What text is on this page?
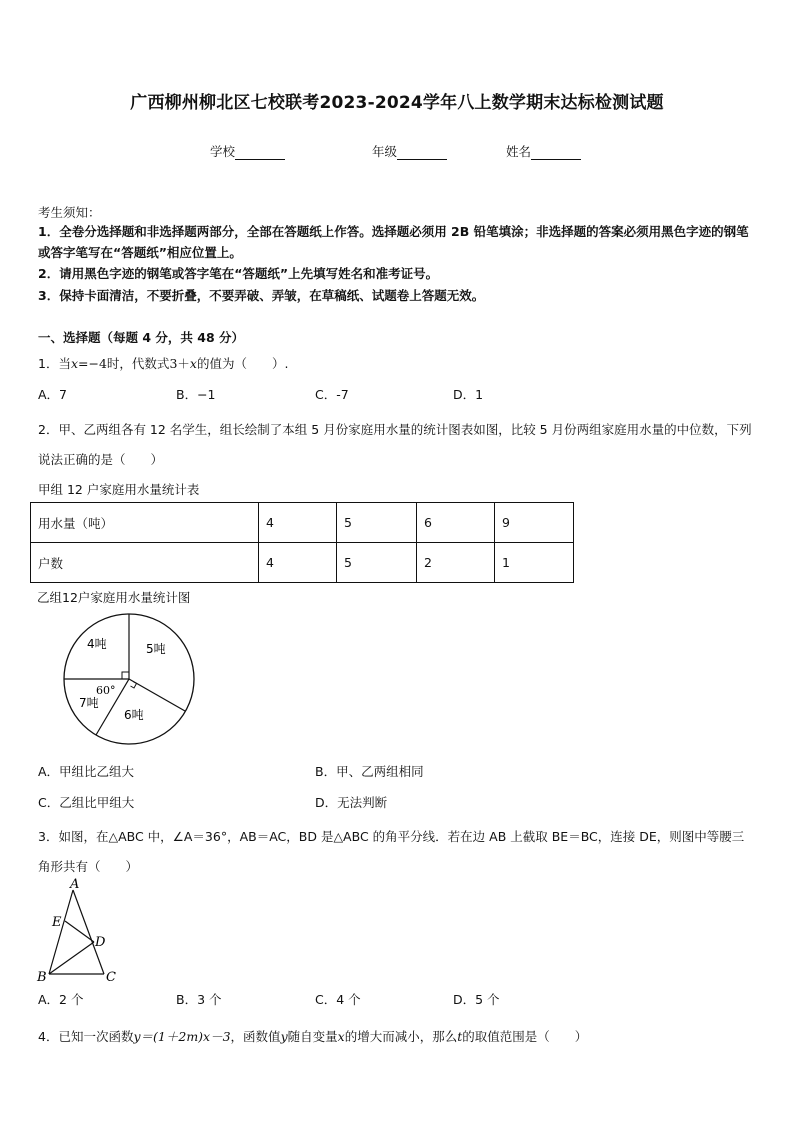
广西柳州柳北区七校联考2023-2024学年八上数学期末达标检测试题
学校	年级	姓名
考生须知：
1．全卷分选择题和非选择题两部分，全部在答题纸上作答。选择题必须用 2B 铅笔填涂；非选择题的答案必须用黑色字迹的钢笔或答字笔写在“答题纸”相应位置上。
2．请用黑色字迹的钢笔或答字笔在“答题纸”上先填写姓名和准考证号。
3．保持卡面清洁，不要折叠，不要弄破、弄皱，在草稿纸、试题卷上答题无效。
一、选择题（每题 4 分，共 48 分）
1．当x=−4时，代数式3＋x的值为（　　）.
A．7	B．−1	C．-7	D．1
2．甲、乙两组各有 12 名学生，组长绘制了本组 5 月份家庭用水量的统计图表如图，比较 5 月份两组家庭用水量的中位数，下列说法正确的是（　　）
甲组 12 户家庭用水量统计表
用水量（吨）	4	5	6	9
户数	4	5	2	1
乙组12户家庭用水量统计图
4吨	5吨
6吨
7吨
60°
A．甲组比乙组大	B．甲、乙两组相同
C．乙组比甲组大	D．无法判断
3．如图，在△ABC 中，∠A＝36°，AB＝AC，BD 是△ABC 的角平分线．若在边 AB 上截取 BE＝BC，连接 DE，则图中等腰三角形共有（　　）
A
E
D
B	C
A．2 个	B．3 个	C．4 个	D．5 个
4．已知一次函数y＝(1＋2m)x－3，函数值y随自变量x的增大而减小，那么t的取值范围是（　　）
